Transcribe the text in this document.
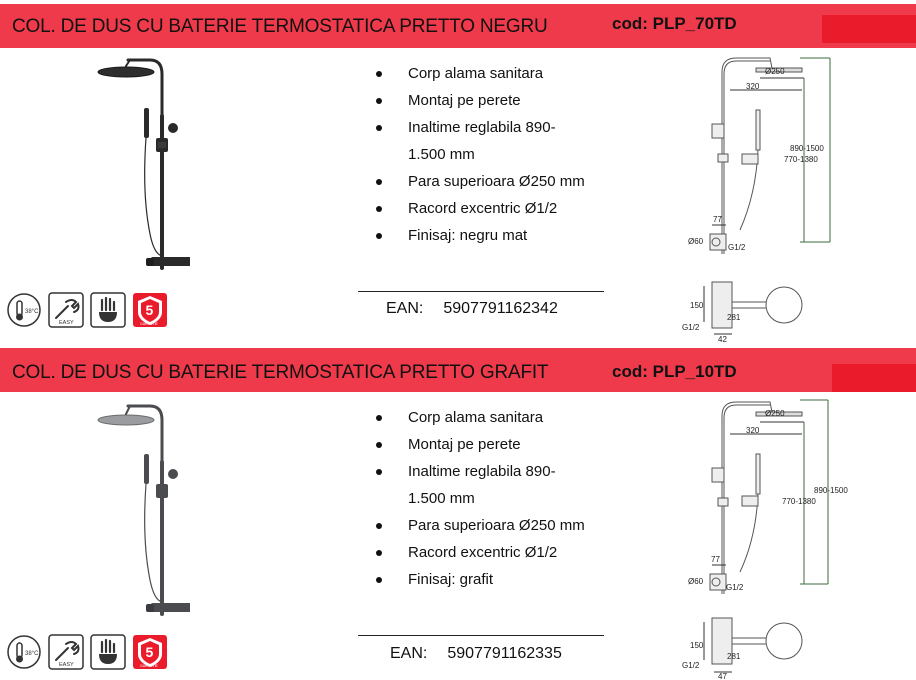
COL. DE DUS CU BATERIE TERMOSTATICA PRETTO NEGRU	cod: PLP_70TD
38°C
EASY
5
GARANTIE
Corp alama sanitara
Montaj pe perete
Inaltime reglabila 890-
1.500 mm
Para superioara Ø250 mm
Racord excentric Ø1/2
Finisaj: negru mat
EAN: 5907791162342
Ø250
320
890-1500
770-1380
77
Ø60
G1/2
150
281
G1/2
42
COL. DE DUS CU BATERIE TERMOSTATICA PRETTO GRAFIT	cod: PLP_10TD
38°C
EASY
5
GARANTIE
Corp alama sanitara
Montaj pe perete
Inaltime reglabila 890-
1.500 mm
Para superioara Ø250 mm
Racord excentric Ø1/2
Finisaj: grafit
EAN: 5907791162335
Ø250
320
890-1500
770-1380
77
Ø60
G1/2
150
281
G1/2
47
